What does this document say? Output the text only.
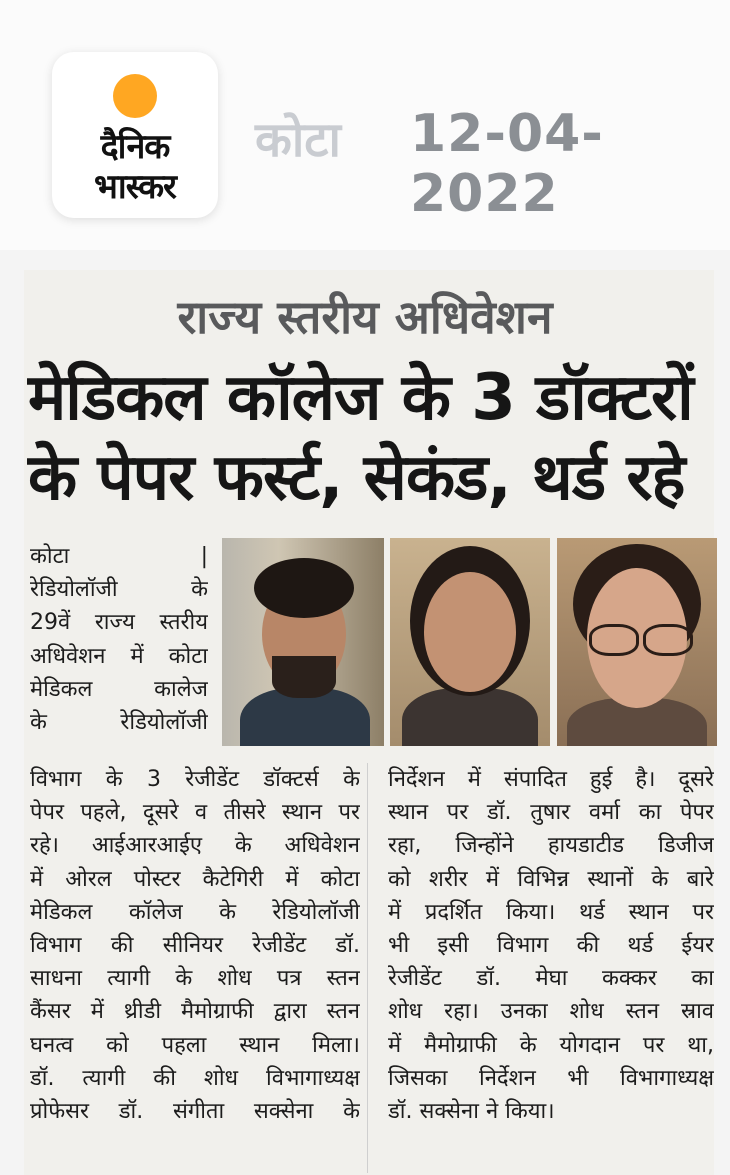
दैनिक
भास्कर
कोटा 12-04-2022
राज्य स्तरीय अधिवेशन
मेडिकल कॉलेज के 3 डॉक्टरों
के पेपर फर्स्ट, सेकंड, थर्ड रहे
कोटा |
रेडियोलॉजी के
29वें राज्य स्तरीय
अधिवेशन में कोटा
मेडिकल कालेज
के रेडियोलॉजी
विभाग के 3 रेजीडेंट डॉक्टर्स के
पेपर पहले, दूसरे व तीसरे स्थान पर
रहे। आईआरआईए के अधिवेशन
में ओरल पोस्टर कैटेगिरी में कोटा
मेडिकल कॉलेज के रेडियोलॉजी
विभाग की सीनियर रेजीडेंट डॉ.
साधना त्यागी के शोध पत्र स्तन
कैंसर में थ्रीडी मैमोग्राफी द्वारा स्तन
घनत्व को पहला स्थान मिला।
डॉ. त्यागी की शोध विभागाध्यक्ष
प्रोफेसर डॉ. संगीता सक्सेना के
निर्देशन में संपादित हुई है। दूसरे
स्थान पर डॉ. तुषार वर्मा का पेपर
रहा, जिन्होंने हायडाटीड डिजीज
को शरीर में विभिन्न स्थानों के बारे
में प्रदर्शित किया। थर्ड स्थान पर
भी इसी विभाग की थर्ड ईयर
रेजीडेंट डॉ. मेघा कक्कर का
शोध रहा। उनका शोध स्तन स्राव
में मैमोग्राफी के योगदान पर था,
जिसका निर्देशन भी विभागाध्यक्ष
डॉ. सक्सेना ने किया।
